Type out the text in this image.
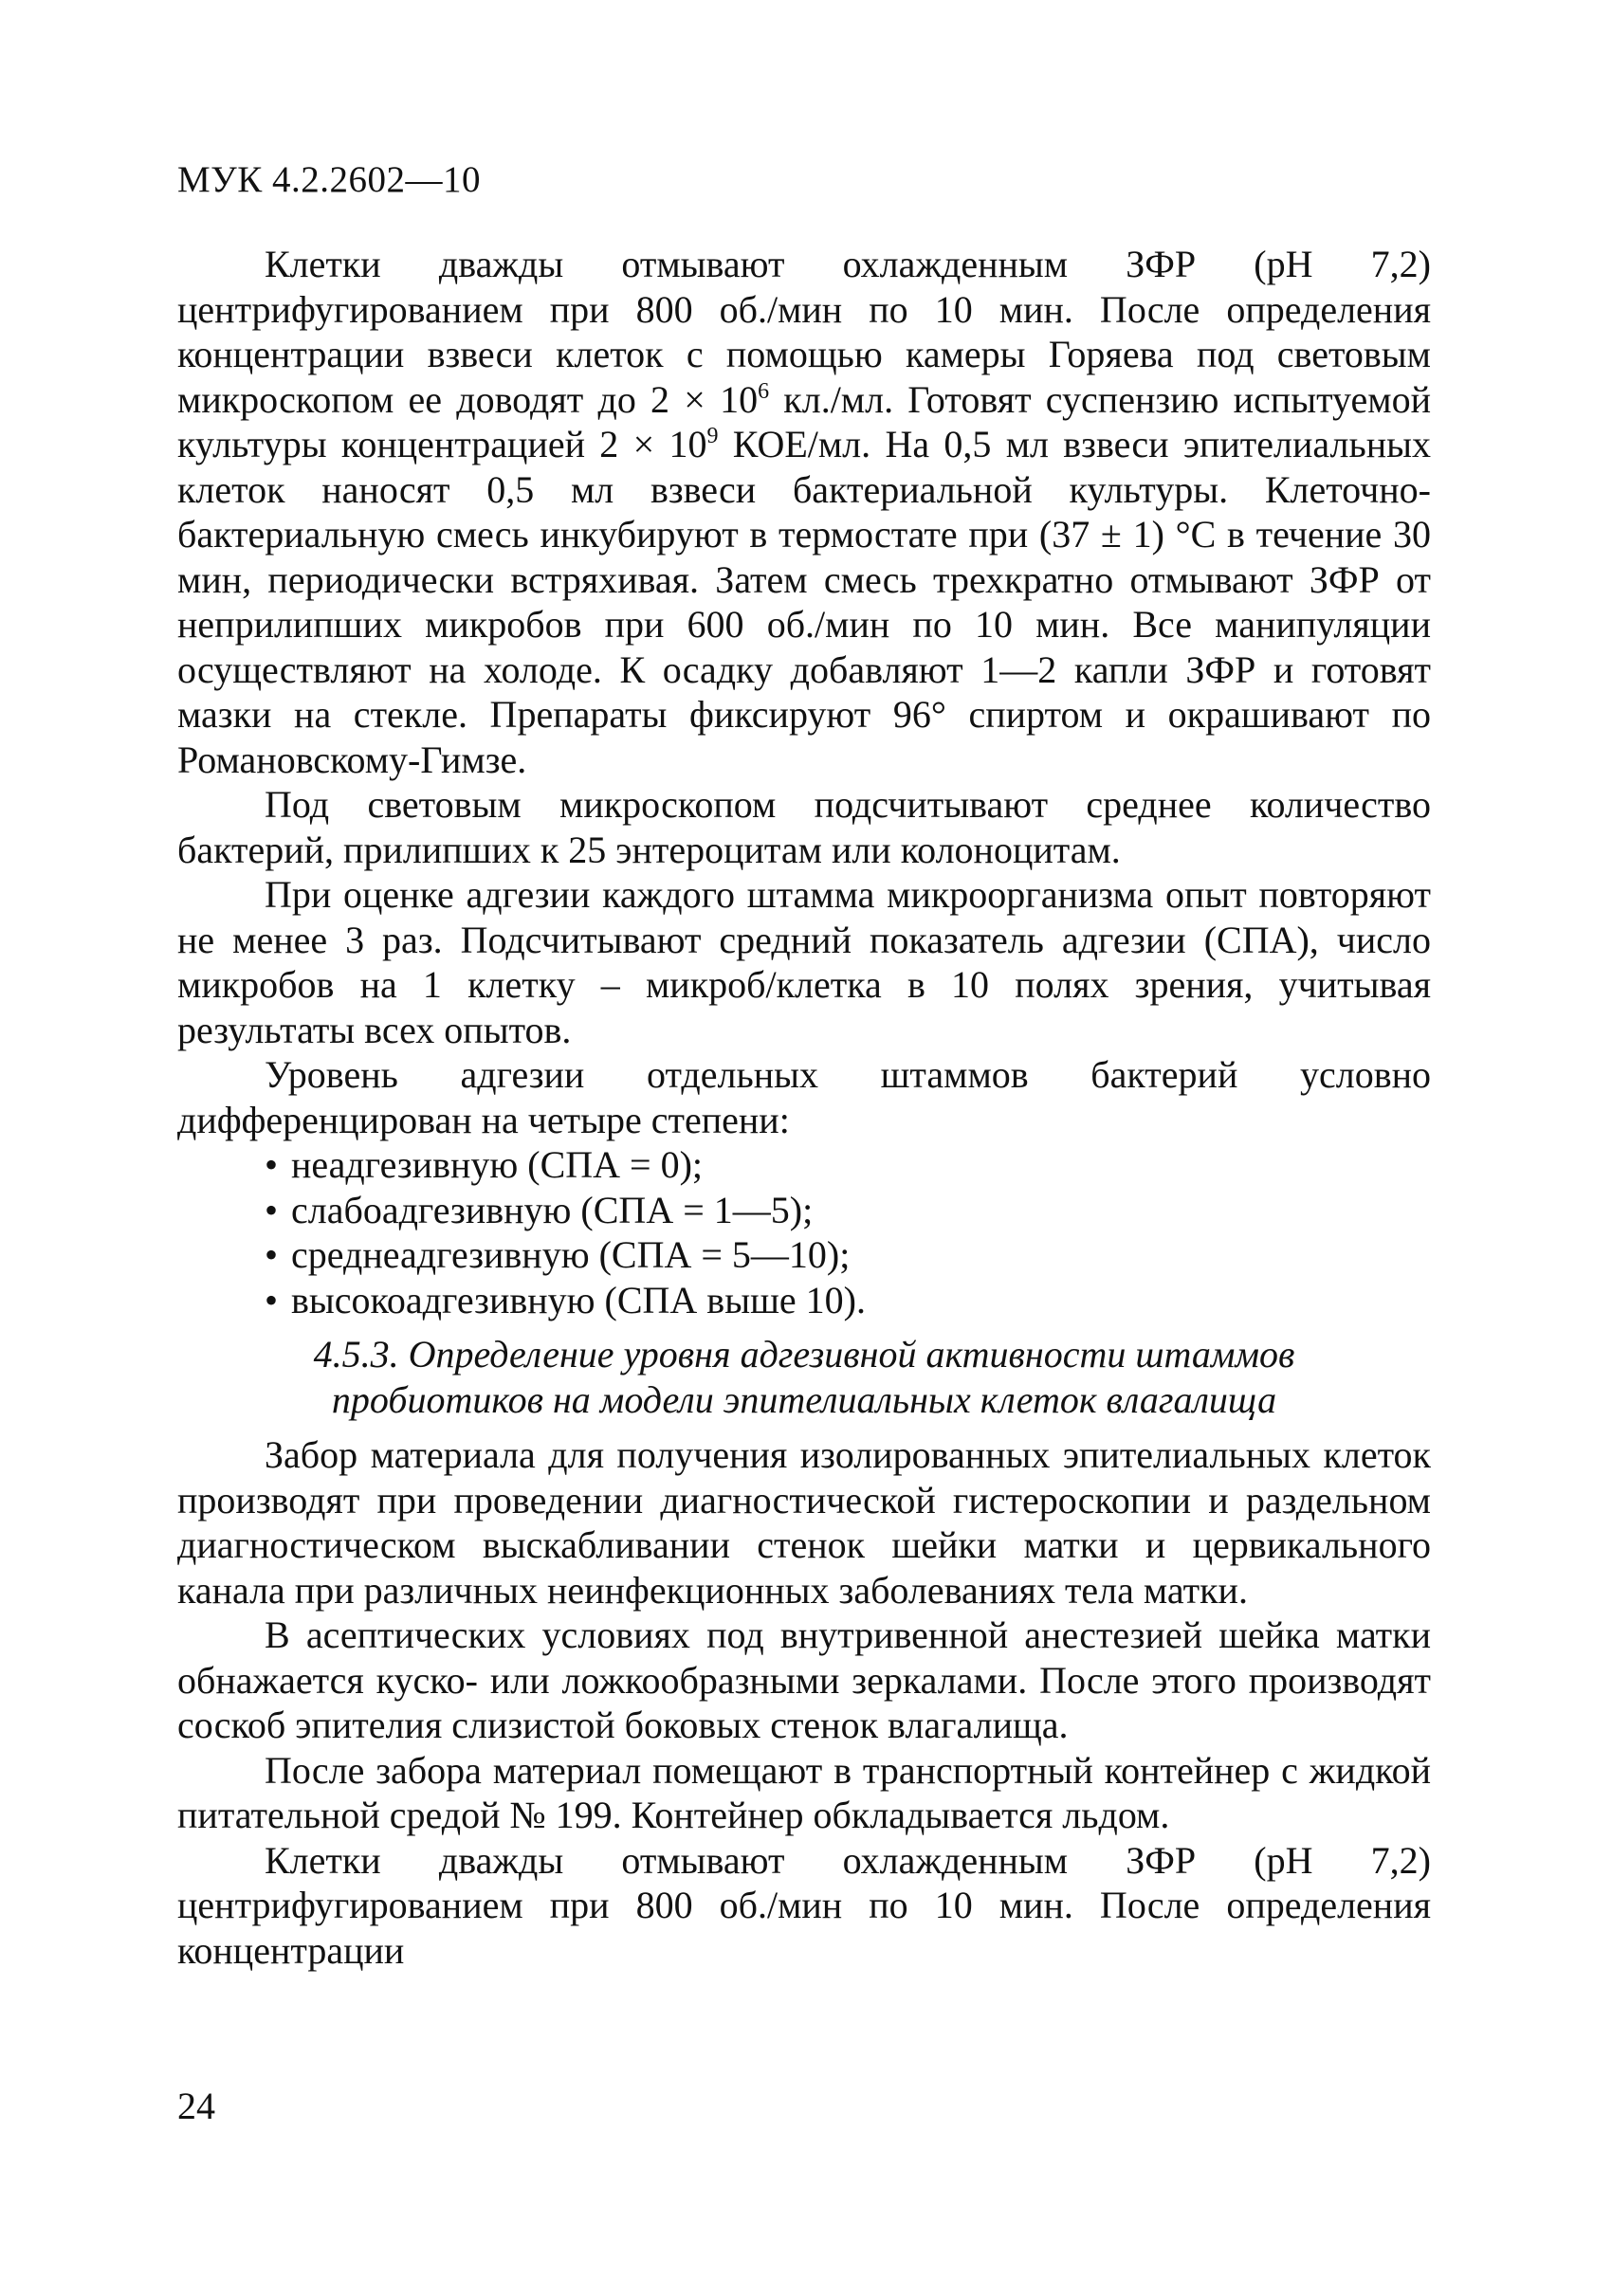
МУК 4.2.2602—10

Клетки дважды отмывают охлажденным ЗФР (рН 7,2) центрифугированием при 800 об./мин по 10 мин. После определения концентрации взвеси клеток с помощью камеры Горяева под световым микроскопом ее доводят до $2 \times 10^6$ кл./мл. Готовят суспензию испытуемой культуры концентрацией $2 \times 10^9$ КОЕ/мл. На 0,5 мл взвеси эпителиальных клеток наносят 0,5 мл взвеси бактериальной культуры. Клеточно-бактериальную смесь инкубируют в термостате при (37 ± 1) °С в течение 30 мин, периодически встряхивая. Затем смесь трехкратно отмывают ЗФР от неприлипших микробов при 600 об./мин по 10 мин. Все манипуляции осуществляют на холоде. К осадку добавляют 1—2 капли ЗФР и готовят мазки на стекле. Препараты фиксируют 96° спиртом и окрашивают по Романовскому-Гимзе.

Под световым микроскопом подсчитывают среднее количество бактерий, прилипших к 25 энтероцитам или колоноцитам.

При оценке адгезии каждого штамма микроорганизма опыт повторяют не менее 3 раз. Подсчитывают средний показатель адгезии (СПА), число микробов на 1 клетку – микроб/клетка в 10 полях зрения, учитывая результаты всех опытов.

Уровень адгезии отдельных штаммов бактерий условно дифференцирован на четыре степени:

• неадгезивную (СПА = 0);
• слабоадгезивную (СПА = 1—5);
• среднеадгезивную (СПА = 5—10);
• высокоадгезивную (СПА выше 10).
4.5.3. Определение уровня адгезивной активности штаммов
пробиотиков на модели эпителиальных клеток влагалища

Забор материала для получения изолированных эпителиальных клеток производят при проведении диагностической гистероскопии и раздельном диагностическом выскабливании стенок шейки матки и цервикального канала при различных неинфекционных заболеваниях тела матки.

В асептических условиях под внутривенной анестезией шейка матки обнажается куско- или ложкообразными зеркалами. После этого производят соскоб эпителия слизистой боковых стенок влагалища.

После забора материал помещают в транспортный контейнер с жидкой питательной средой № 199. Контейнер обкладывается льдом.

Клетки дважды отмывают охлажденным ЗФР (рН 7,2) центрифугированием при 800 об./мин по 10 мин. После определения концентрации

24
